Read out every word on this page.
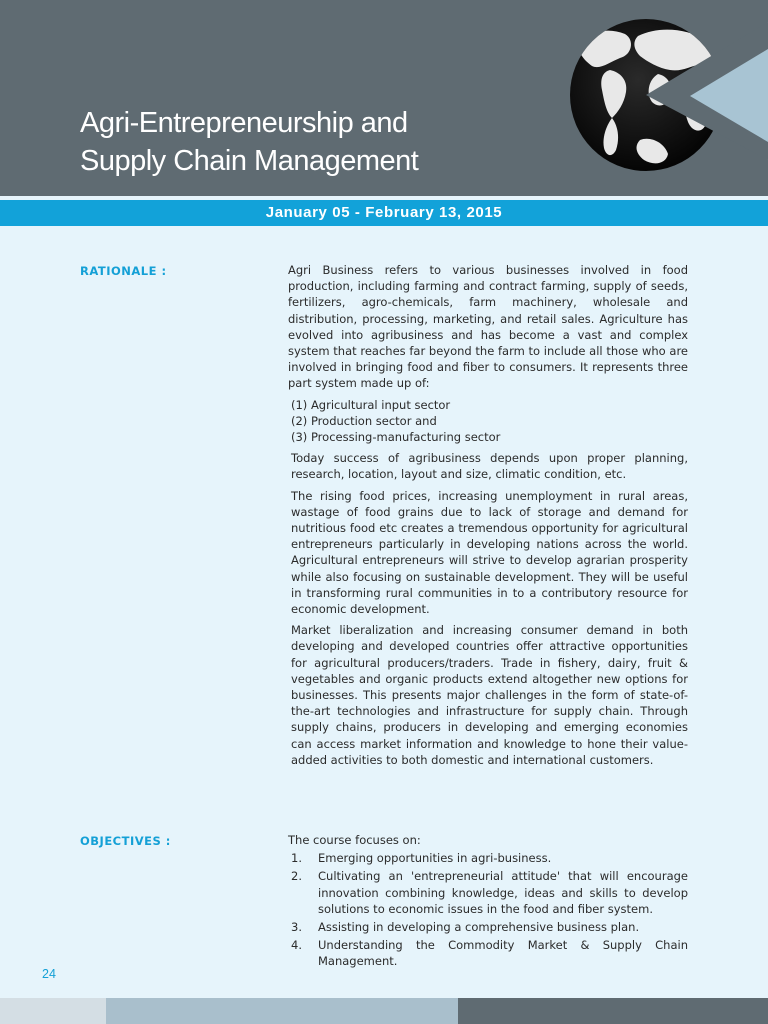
Agri-Entrepreneurship and
Supply Chain Management
January 05 - February 13, 2015
RATIONALE :	Agri Business refers to various businesses involved in food production, including farming and contract farming, supply of seeds, fertilizers, agro-chemicals, farm machinery, wholesale and distribution, processing, marketing, and retail sales. Agriculture has evolved into agribusiness and has become a vast and complex system that reaches far beyond the farm to include all those who are involved in bringing food and fiber to consumers. It represents three part system made up of:

(1) Agricultural input sector
(2) Production sector and
(3) Processing-manufacturing sector

Today success of agribusiness depends upon proper planning, research, location, layout and size, climatic condition, etc.

The rising food prices, increasing unemployment in rural areas, wastage of food grains due to lack of storage and demand for nutritious food etc creates a tremendous opportunity for agricultural entrepreneurs particularly in developing nations across the world. Agricultural entrepreneurs will strive to develop agrarian prosperity while also focusing on sustainable development. They will be useful in transforming rural communities in to a contributory resource for economic development.

Market liberalization and increasing consumer demand in both developing and developed countries offer attractive opportunities for agricultural producers/traders. Trade in fishery, dairy, fruit & vegetables and organic products extend altogether new options for businesses. This presents major challenges in the form of state-of-the-art technologies and infrastructure for supply chain. Through supply chains, producers in developing and emerging economies can access market information and knowledge to hone their value-added activities to both domestic and international customers.

OBJECTIVES :	The course focuses on:

1.	Emerging opportunities in agri-business.
2.	Cultivating an 'entrepreneurial attitude' that will encourage innovation combining knowledge, ideas and skills to develop solutions to economic issues in the food and fiber system.
3.	Assisting in developing a comprehensive business plan.
4.	Understanding the Commodity Market & Supply Chain Management.
24
